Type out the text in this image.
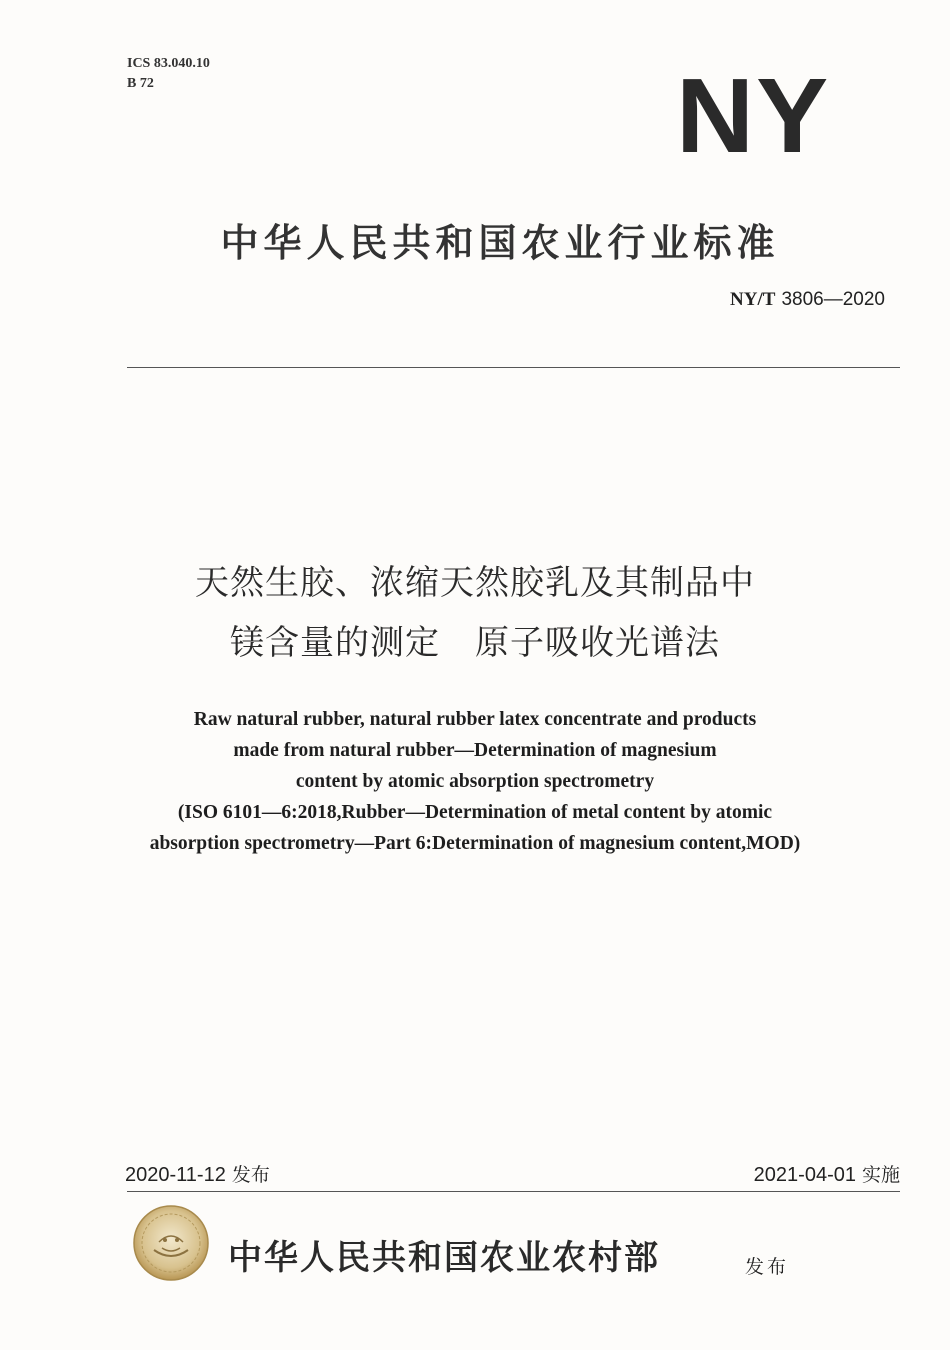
ICS 83.040.10
B 72	NY
中华人民共和国农业行业标准
NY/T 3806—2020
天然生胶、浓缩天然胶乳及其制品中
镁含量的测定　原子吸收光谱法
Raw natural rubber, natural rubber latex concentrate and products
made from natural rubber—Determination of magnesium
content by atomic absorption spectrometry
(ISO 6101—6:2018,Rubber—Determination of metal content by atomic
absorption spectrometry—Part 6:Determination of magnesium content,MOD)
2020-11-12 发布	2021-04-01 实施
中华人民共和国农业农村部	发布
